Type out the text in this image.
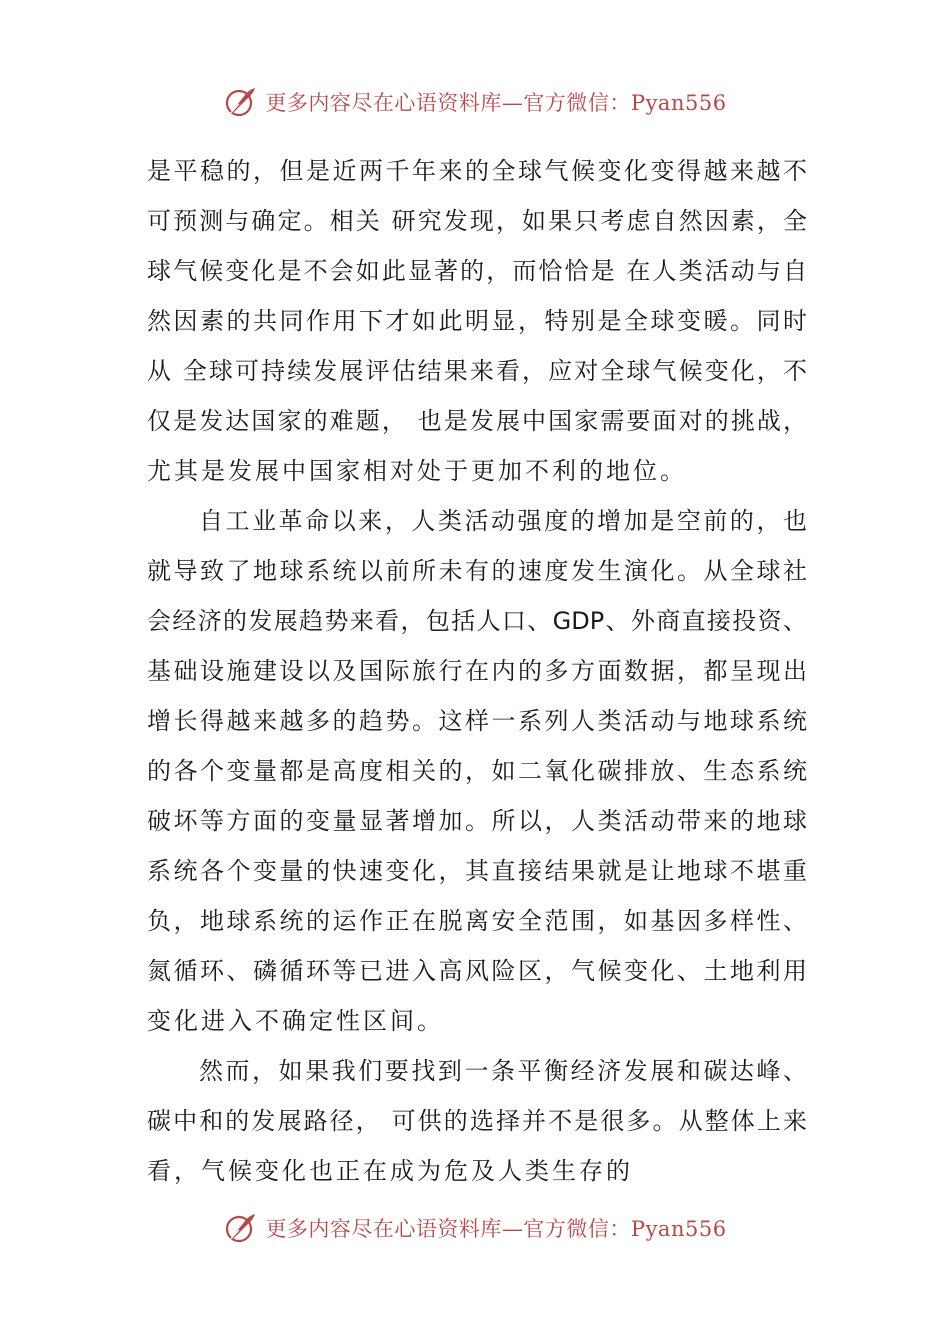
更多内容尽在心语资料库—官方微信：Pyan556
是平稳的，但是近两千年来的全球气候变化变得越来越不
可预测与确定。相关 研究发现，如果只考虑自然因素，全
球气候变化是不会如此显著的，而恰恰是 在人类活动与自
然因素的共同作用下才如此明显，特别是全球变暖。同时
从 全球可持续发展评估结果来看，应对全球气候变化，不
仅是发达国家的难题， 也是发展中国家需要面对的挑战，
尤其是发展中国家相对处于更加不利的地位。
自工业革命以来，人类活动强度的增加是空前的，也
就导致了地球系统以前所未有的速度发生演化。从全球社
会经济的发展趋势来看，包括人口、GDP、外商直接投资、
基础设施建设以及国际旅行在内的多方面数据，都呈现出
增长得越来越多的趋势。这样一系列人类活动与地球系统
的各个变量都是高度相关的，如二氧化碳排放、生态系统
破坏等方面的变量显著增加。所以，人类活动带来的地球
系统各个变量的快速变化，其直接结果就是让地球不堪重
负，地球系统的运作正在脱离安全范围，如基因多样性、
氮循环、磷循环等已进入高风险区，气候变化、土地利用
变化进入不确定性区间。
然而，如果我们要找到一条平衡经济发展和碳达峰、
碳中和的发展路径， 可供的选择并不是很多。从整体上来
看，气候变化也正在成为危及人类生存的
更多内容尽在心语资料库—官方微信：Pyan556
